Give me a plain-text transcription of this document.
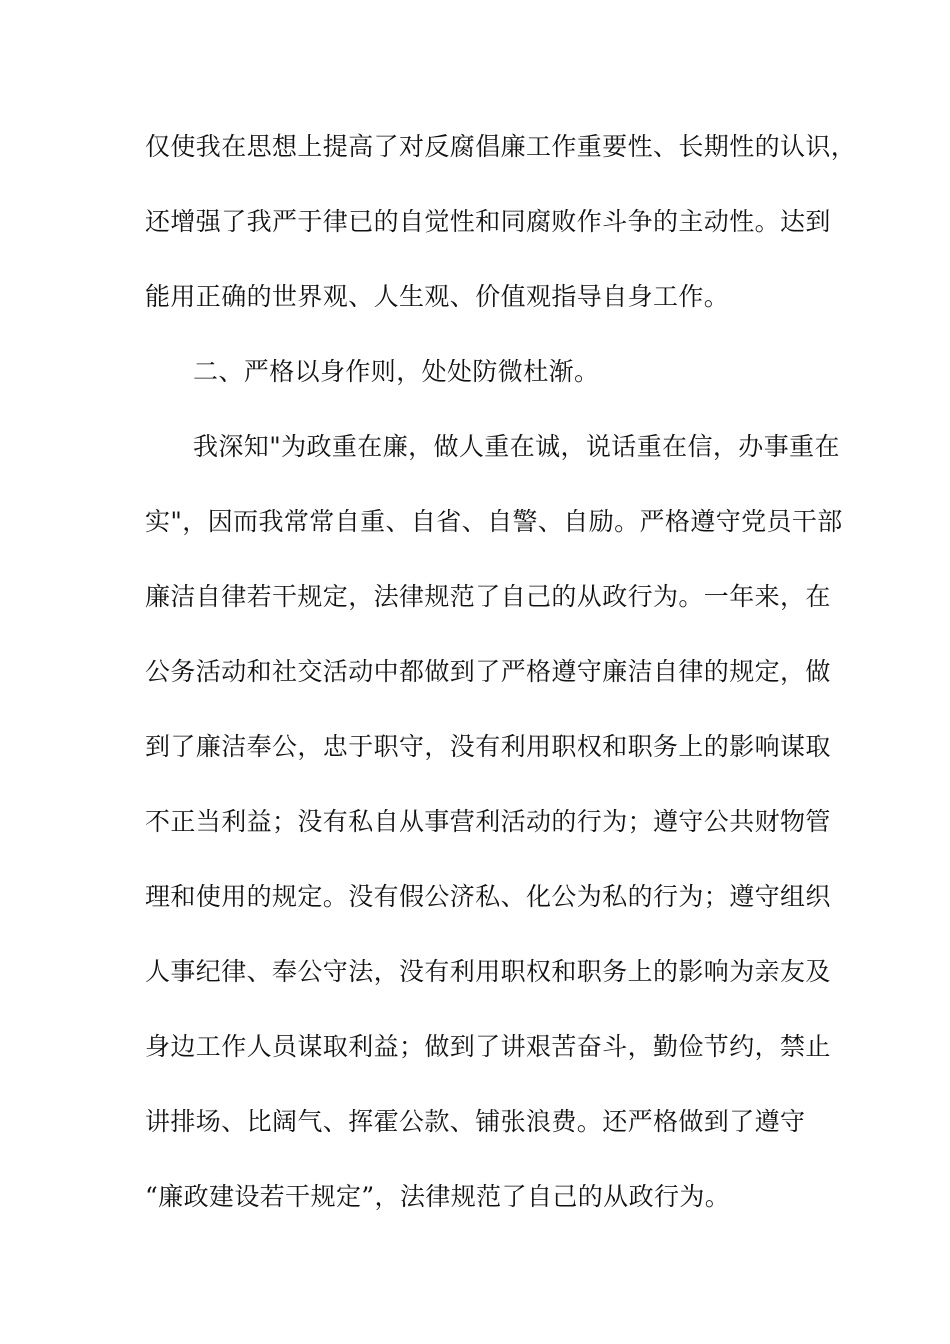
仅使我在思想上提高了对反腐倡廉工作重要性、长期性的认识，
还增强了我严于律已的自觉性和同腐败作斗争的主动性。达到
能用正确的世界观、人生观、价值观指导自身工作。
二、严格以身作则，处处防微杜渐。
我深知"为政重在廉，做人重在诚，说话重在信，办事重在
实"，因而我常常自重、自省、自警、自励。严格遵守党员干部
廉洁自律若干规定，法律规范了自己的从政行为。一年来，在
公务活动和社交活动中都做到了严格遵守廉洁自律的规定，做
到了廉洁奉公，忠于职守，没有利用职权和职务上的影响谋取
不正当利益；没有私自从事营利活动的行为；遵守公共财物管
理和使用的规定。没有假公济私、化公为私的行为；遵守组织
人事纪律、奉公守法，没有利用职权和职务上的影响为亲友及
身边工作人员谋取利益；做到了讲艰苦奋斗，勤俭节约，禁止
讲排场、比阔气、挥霍公款、铺张浪费。还严格做到了遵守
“廉政建设若干规定”，法律规范了自己的从政行为。
